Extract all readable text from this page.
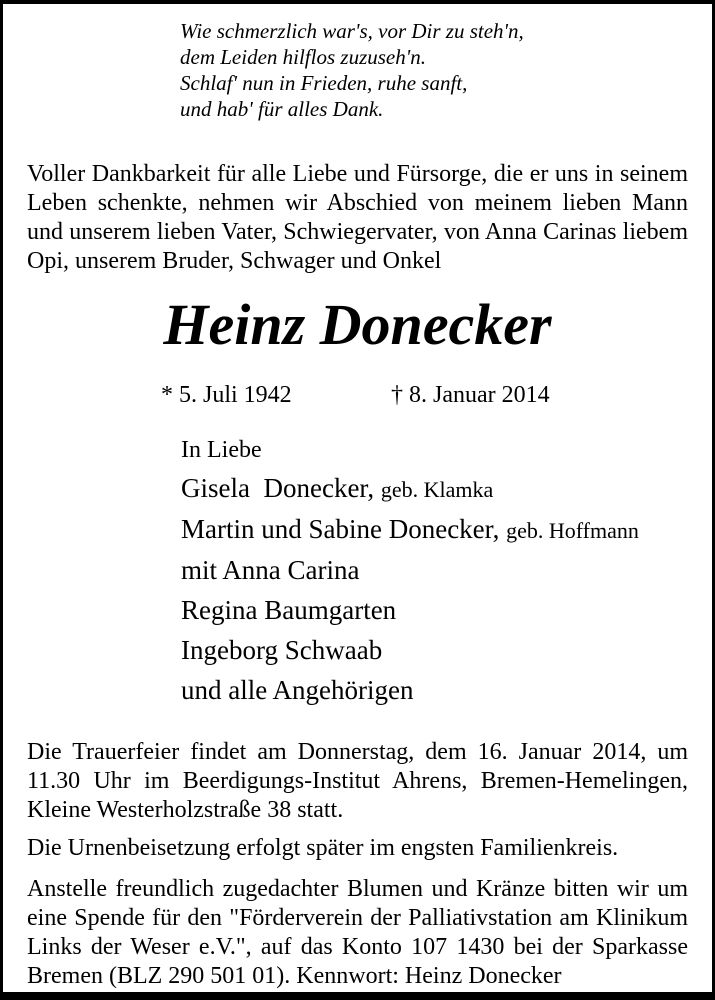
Wie schmerzlich war's, vor Dir zu steh'n,
dem Leiden hilflos zuzuseh'n.
Schlaf' nun in Frieden, ruhe sanft,
und hab' für alles Dank.

Voller Dankbarkeit für alle Liebe und Fürsorge, die er uns in seinem Leben schenkte, nehmen wir Abschied von meinem lieben Mann und unserem lieben Vater, Schwiegervater, von Anna Carinas liebem Opi, unserem Bruder, Schwager und Onkel

Heinz Donecker
* 5. Juli 1942	† 8. Januar 2014
In Liebe
Gisela  Donecker, geb. Klamka
Martin und Sabine Donecker, geb. Hoffmann
mit Anna Carina
Regina Baumgarten
Ingeborg Schwaab
und alle Angehörigen

Die Trauerfeier findet am Donnerstag, dem 16. Januar 2014, um 11.30 Uhr im Beerdigungs-Institut Ahrens, Bremen-Hemelingen, Kleine Westerholzstraße 38 statt.

Die Urnenbeisetzung erfolgt später im engsten Familienkreis.

Anstelle freundlich zugedachter Blumen und Kränze bitten wir um eine Spende für den "Förderverein der Palliativstation am Klinikum Links der Weser e.V.", auf das Konto 107 1430 bei der Sparkasse Bremen (BLZ 290 501 01). Kennwort: Heinz Donecker
